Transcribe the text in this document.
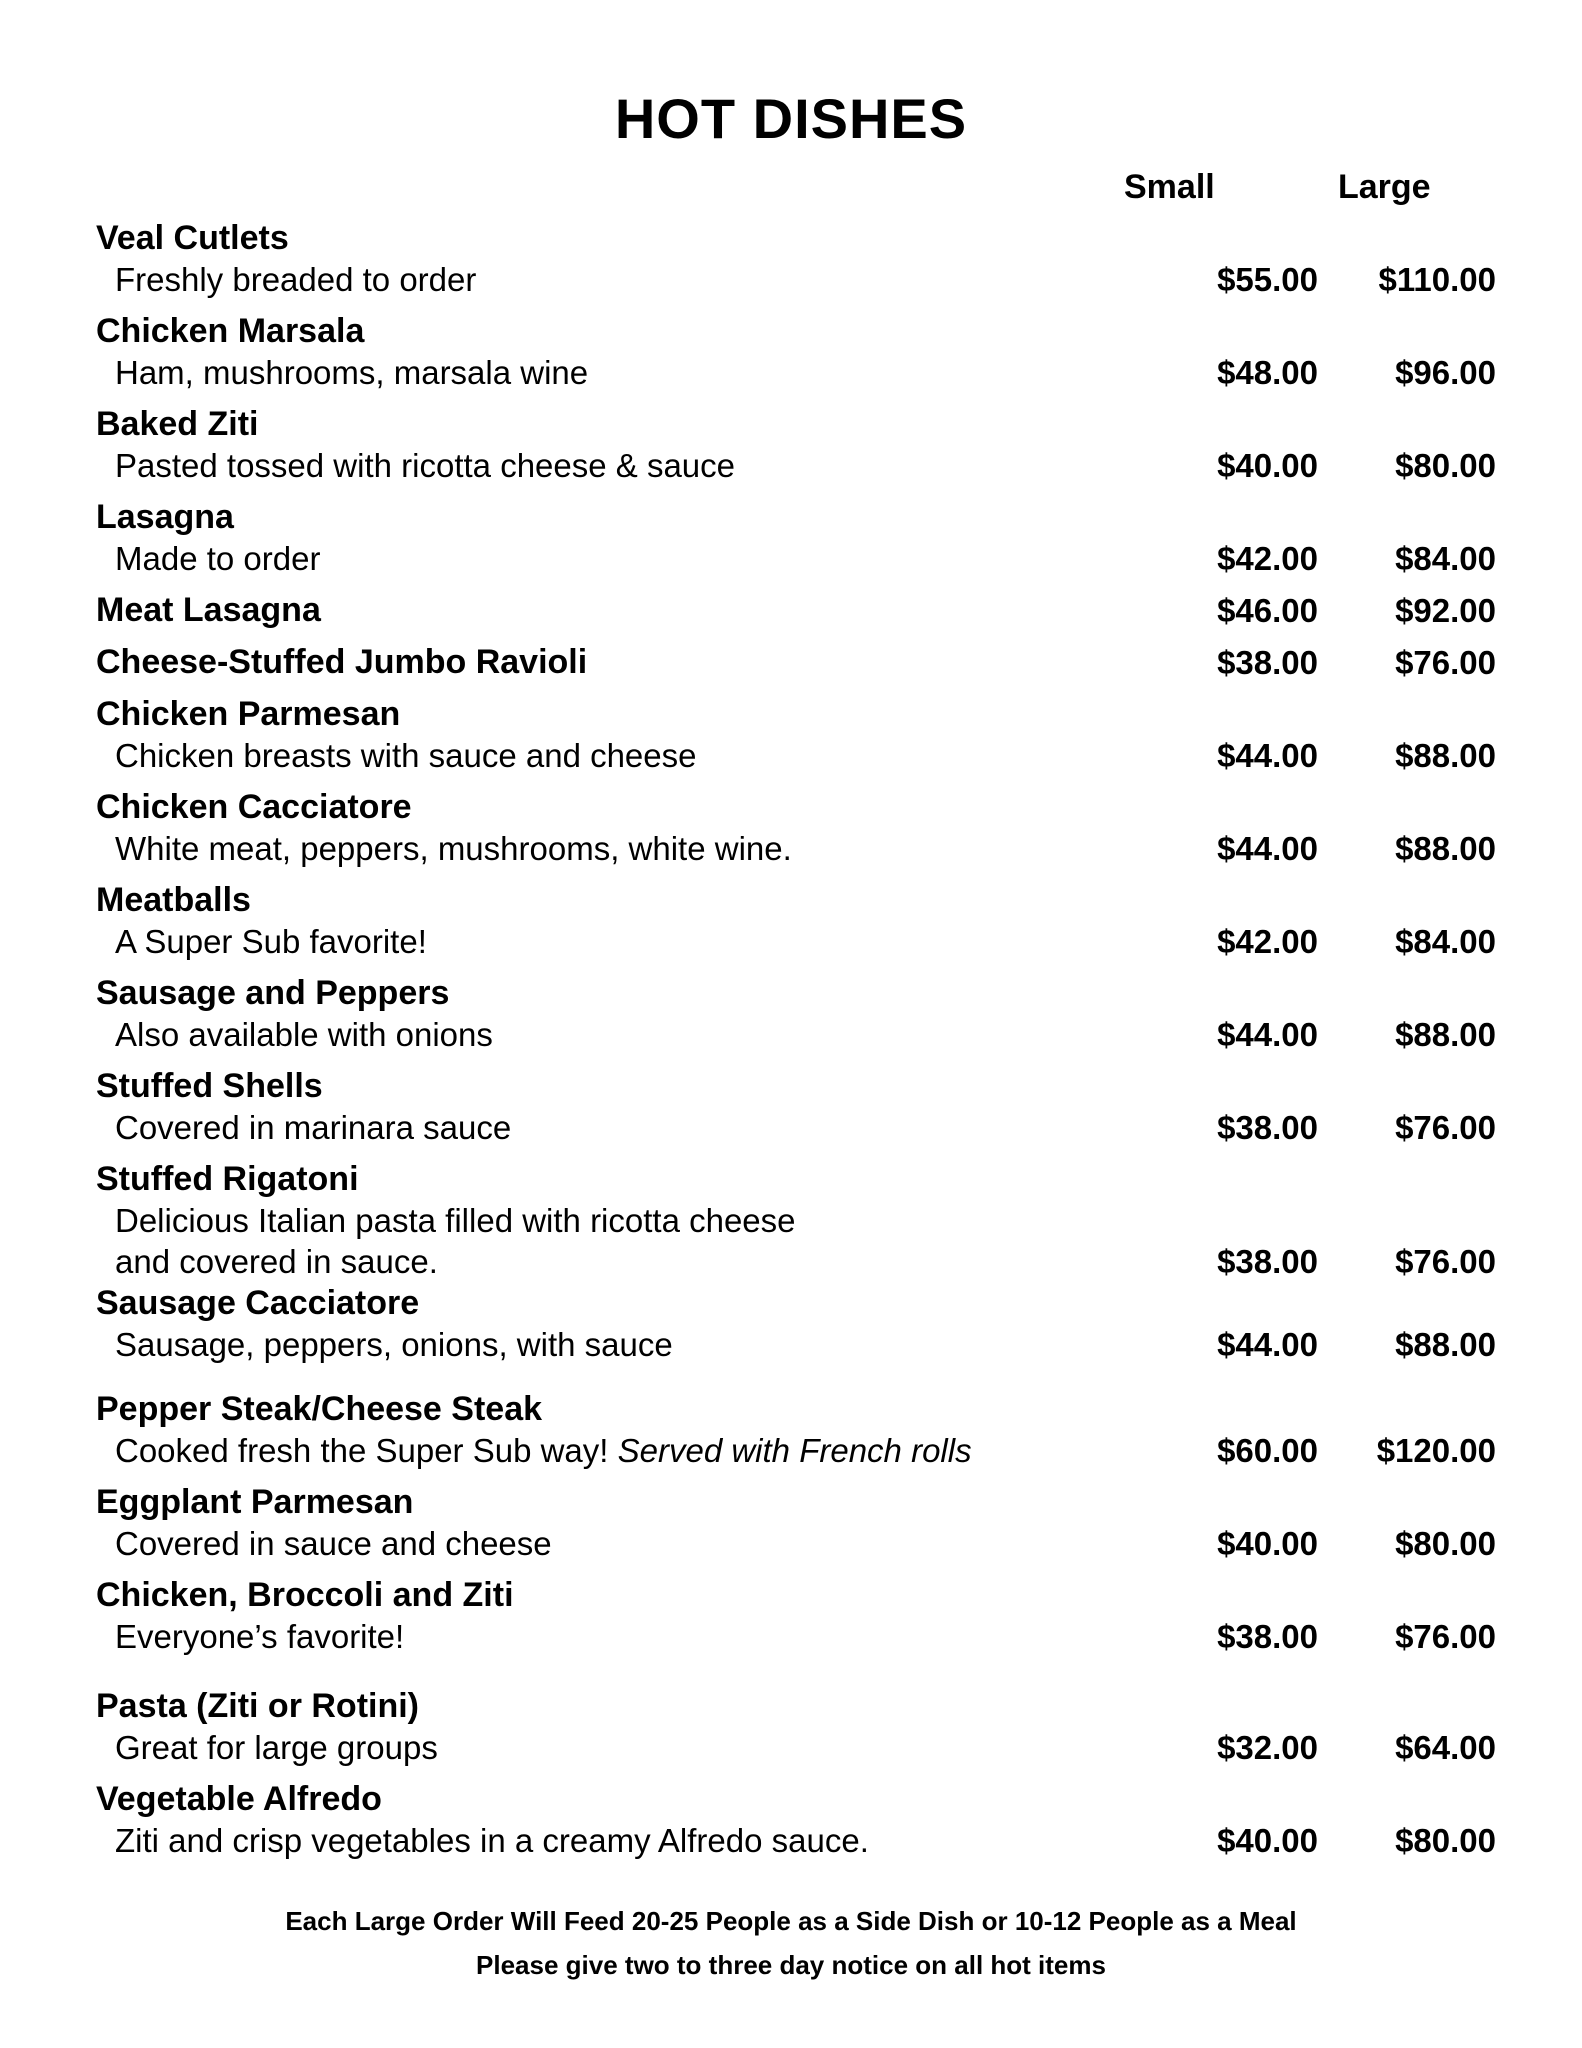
HOT DISHES
Small	Large
Veal Cutlets
Freshly breaded to order	$55.00	$110.00
Chicken Marsala
Ham, mushrooms, marsala wine	$48.00	$96.00
Baked Ziti
Pasted tossed with ricotta cheese & sauce	$40.00	$80.00
Lasagna
Made to order	$42.00	$84.00
Meat Lasagna	$46.00	$92.00
Cheese-Stuffed Jumbo Ravioli	$38.00	$76.00
Chicken Parmesan
Chicken breasts with sauce and cheese	$44.00	$88.00
Chicken Cacciatore
White meat, peppers, mushrooms, white wine.	$44.00	$88.00
Meatballs
A Super Sub favorite!	$42.00	$84.00
Sausage and Peppers
Also available with onions	$44.00	$88.00
Stuffed Shells
Covered in marinara sauce	$38.00	$76.00
Stuffed Rigatoni
Delicious Italian pasta filled with ricotta cheese
and covered in sauce.	$38.00	$76.00
Sausage Cacciatore
Sausage, peppers, onions, with sauce	$44.00	$88.00
Pepper Steak/Cheese Steak
Cooked fresh the Super Sub way! Served with French rolls	$60.00	$120.00
Eggplant Parmesan
Covered in sauce and cheese	$40.00	$80.00
Chicken, Broccoli and Ziti
Everyone’s favorite!	$38.00	$76.00
Pasta (Ziti or Rotini)
Great for large groups	$32.00	$64.00
Vegetable Alfredo
Ziti and crisp vegetables in a creamy Alfredo sauce.	$40.00	$80.00
Each Large Order Will Feed 20-25 People as a Side Dish or 10-12 People as a Meal
Please give two to three day notice on all hot items
